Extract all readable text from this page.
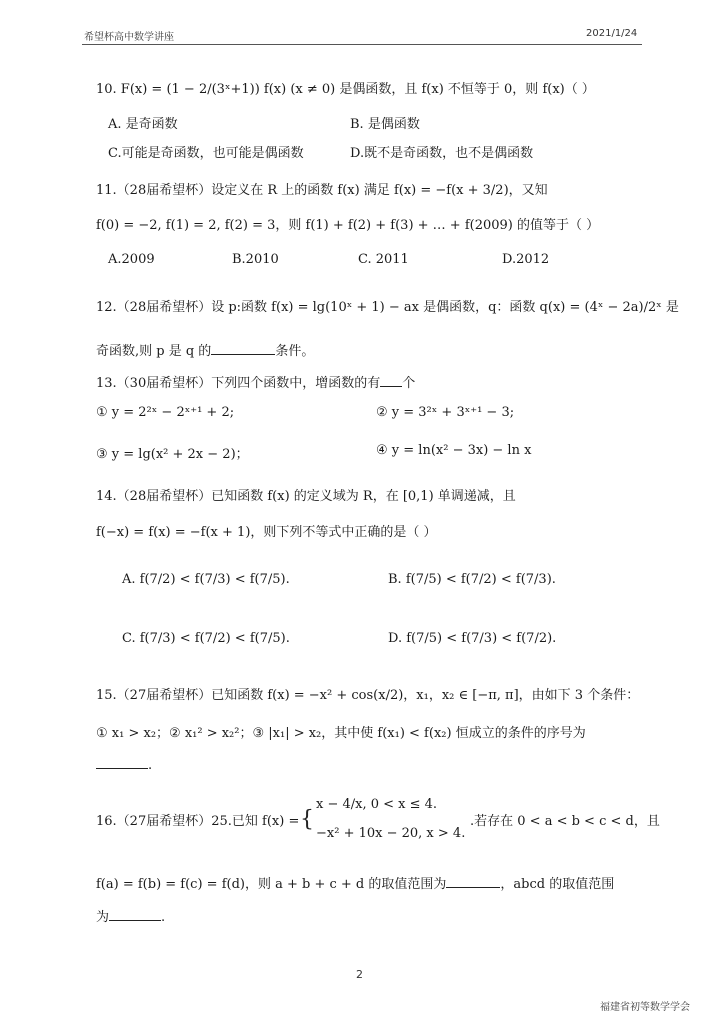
希望杯高中数学讲座	2021/1/24
10. F(x) = (1 − 2/(3ˣ+1)) f(x) (x ≠ 0) 是偶函数，且 f(x) 不恒等于 0，则 f(x)（ ）
A. 是奇函数	B. 是偶函数
C.可能是奇函数，也可能是偶函数	D.既不是奇函数，也不是偶函数
11.（28届希望杯）设定义在 R 上的函数 f(x) 满足 f(x) = −f(x + 3/2)，又知
f(0) = −2, f(1) = 2, f(2) = 3，则 f(1) + f(2) + f(3) + … + f(2009) 的值等于（ ）
A.2009	B.2010	C. 2011	D.2012
12.（28届希望杯）设 p:函数 f(x) = lg(10ˣ + 1) − ax 是偶函数，q：函数 q(x) = (4ˣ − 2a)/2ˣ 是
奇函数,则 p 是 q 的	条件。
13.（30届希望杯）下列四个函数中，增函数的有 个
① y = 2²ˣ − 2ˣ⁺¹ + 2;	② y = 3²ˣ + 3ˣ⁺¹ − 3;
③ y = lg(x² + 2x − 2)；	④ y = ln(x² − 3x) − ln x
14.（28届希望杯）已知函数 f(x) 的定义域为 R，在 [0,1) 单调递减，且
f(−x) = f(x) = −f(x + 1)，则下列不等式中正确的是（ ）
A. f(7/2) < f(7/3) < f(7/5).	B. f(7/5) < f(7/2) < f(7/3).
C. f(7/3) < f(7/2) < f(7/5).	D. f(7/5) < f(7/3) < f(7/2).
15.（27届希望杯）已知函数 f(x) = −x² + cos(x/2)，x₁，x₂ ∈ [−π, π]，由如下 3 个条件：
① x₁ > x₂；② x₁² > x₂²；③ |x₁| > x₂，其中使 f(x₁) < f(x₂) 恒成立的条件的序号为
.
16.（27届希望杯）25.已知 f(x) = {
x − 4/x, 0 < x ≤ 4.
−x² + 10x − 20, x > 4.
.若存在 0 < a < b < c < d，且
f(a) = f(b) = f(c) = f(d)，则 a + b + c + d 的取值范围为	，abcd 的取值范围
为	.
2
福建省初等数学学会
